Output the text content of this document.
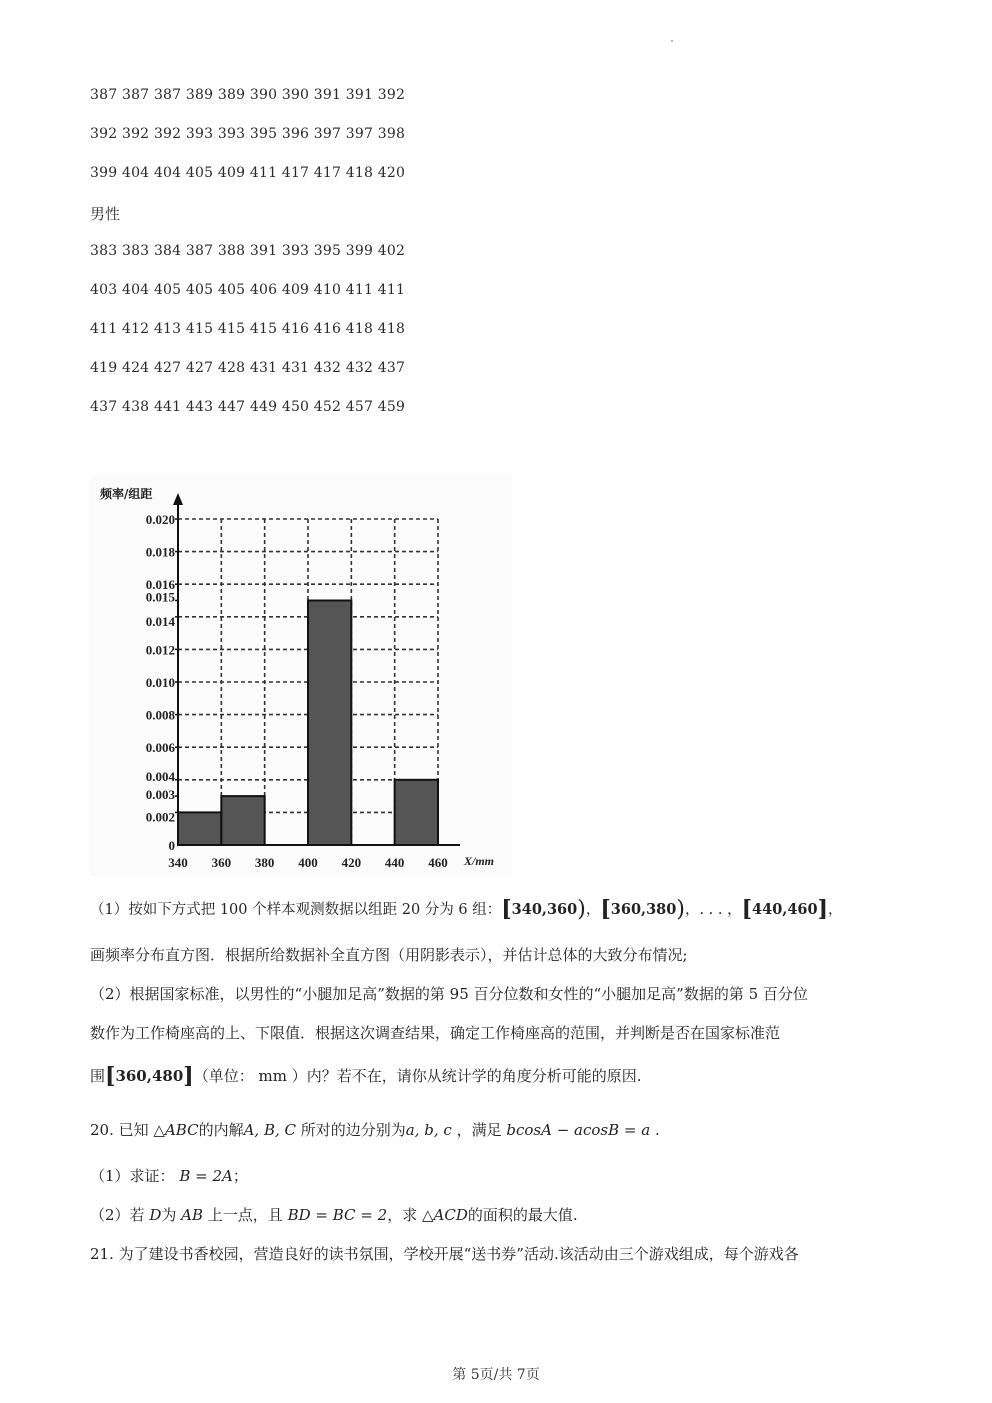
387 387 387 389 389 390 390 391 391 392
392 392 392 393 393 395 396 397 397 398
399 404 404 405 409 411 417 417 418 420
男性
383 383 384 387 388 391 393 395 399 402
403 404 405 405 405 406 409 410 411 411
411 412 413 415 415 415 416 416 418 418
419 424 427 427 428 431 431 432 432 437
437 438 441 443 447 449 450 452 457 459
0
0.002
0.003
0.004
0.006
0.008
0.010
0.012
0.014
0.015
0.016
0.018
0.020
340 360 380 400 420 440 460
频率/组距
X/mm
（1）按如下方式把 100 个样本观测数据以组距 20 分为 6 组：[340,360)，[360,380)，. . . ，[440,460]，
画频率分布直方图．根据所给数据补全直方图（用阴影表示），并估计总体的大致分布情况;
（2）根据国家标准，以男性的“小腿加足高”数据的第 95 百分位数和女性的“小腿加足高”数据的第 5 百分位
数作为工作椅座高的上、下限值．根据这次调查结果，确定工作椅座高的范围，并判断是否在国家标准范
围[360,480]（单位： mm ）内？若不在，请你从统计学的角度分析可能的原因.
20. 已知 △ABC的内解A, B, C 所对的边分别为a, b, c ，满足 bcosA − acosB = a .
（1）求证： B = 2A；
（2）若 D为 AB 上一点，且 BD = BC = 2，求 △ACD的面积的最大值.
21. 为了建设书香校园，营造良好的读书氛围，学校开展“送书券”活动.该活动由三个游戏组成，每个游戏各
第 5页/共 7页
